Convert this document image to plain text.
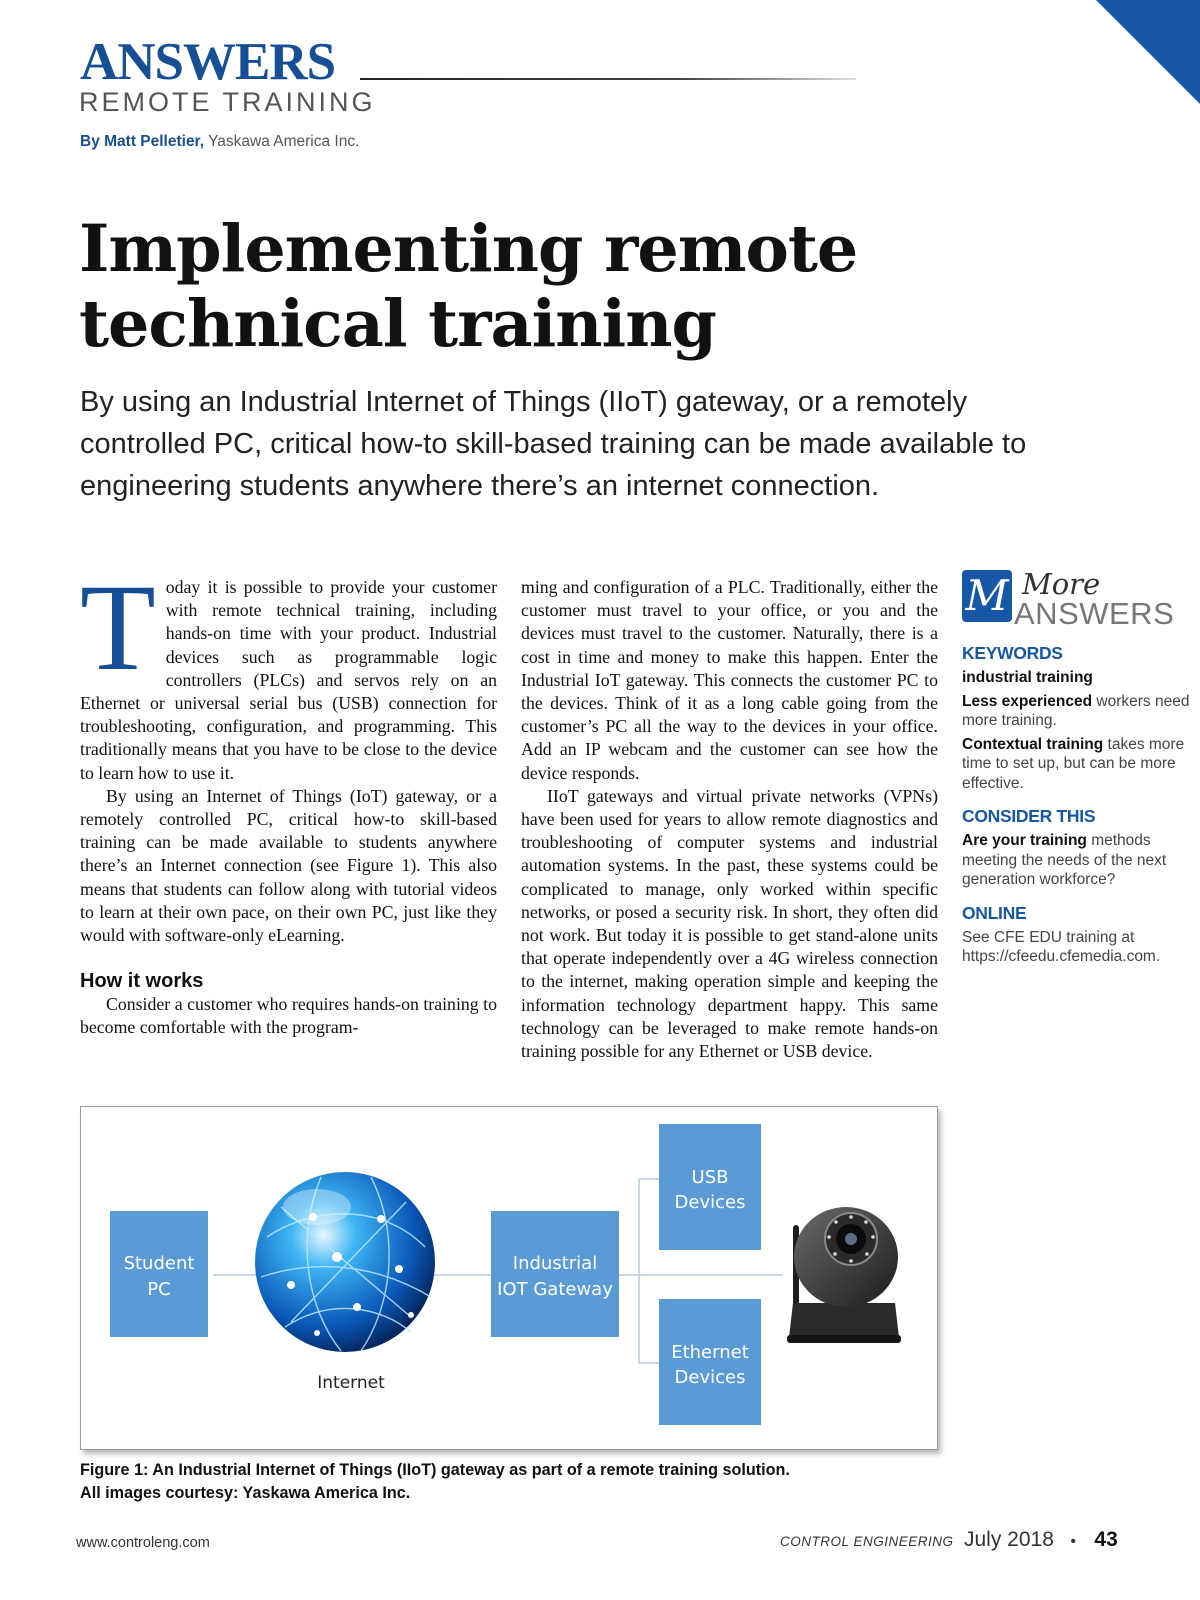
ANSWERS
REMOTE TRAINING
By Matt Pelletier, Yaskawa America Inc.
Implementing remote
technical training

By using an Industrial Internet of Things (IIoT) gateway, or a remotely controlled PC, critical how-to skill-based training can be made available to engineering students anywhere there’s an internet connection.

T oday it is possible to provide your customer with remote technical training, including hands-on time with your product. Industrial devices such as programmable logic controllers (PLCs) and servos rely on an Ethernet or universal serial bus (USB) connection for troubleshooting, configuration, and programming. This traditionally means that you have to be close to the device to learn how to use it.

By using an Internet of Things (IoT) gateway, or a remotely controlled PC, critical how-to skill-based training can be made available to students anywhere there’s an Internet connection (see Figure 1). This also means that students can follow along with tutorial videos to learn at their own pace, on their own PC, just like they would with software-only eLearning.

How it works

Consider a customer who requires hands-on training to become comfortable with the program-

ming and configuration of a PLC. Traditionally, either the customer must travel to your office, or you and the devices must travel to the customer. Naturally, there is a cost in time and money to make this happen. Enter the Industrial IoT gateway. This connects the customer PC to the devices. Think of it as a long cable going from the customer’s PC all the way to the devices in your office. Add an IP webcam and the customer can see how the device responds.

IIoT gateways and virtual private networks (VPNs) have been used for years to allow remote diagnostics and troubleshooting of computer systems and industrial automation systems. In the past, these systems could be complicated to manage, only worked within specific networks, or posed a security risk. In short, they often did not work. But today it is possible to get stand-alone units that operate independently over a 4G wireless connection to the internet, making operation simple and keeping the information technology department happy. This same technology can be leveraged to make remote hands-on training possible for any Ethernet or USB device.

M More
ANSWERS
KEYWORDS

industrial training

Less experienced workers need more training.

Contextual training takes more time to set up, but can be more effective.

CONSIDER THIS

Are your training methods meeting the needs of the next generation workforce?

ONLINE

See CFE EDU training at https://cfeedu.cfemedia.com.

Student
PC
Internet
Industrial
IOT Gateway
USB
Devices
Ethernet
Devices
Figure 1: An Industrial Internet of Things (IIoT) gateway as part of a remote training solution.
All images courtesy: Yaskawa America Inc.
www.controleng.com	CONTROL ENGINEERING July 2018 • 43
